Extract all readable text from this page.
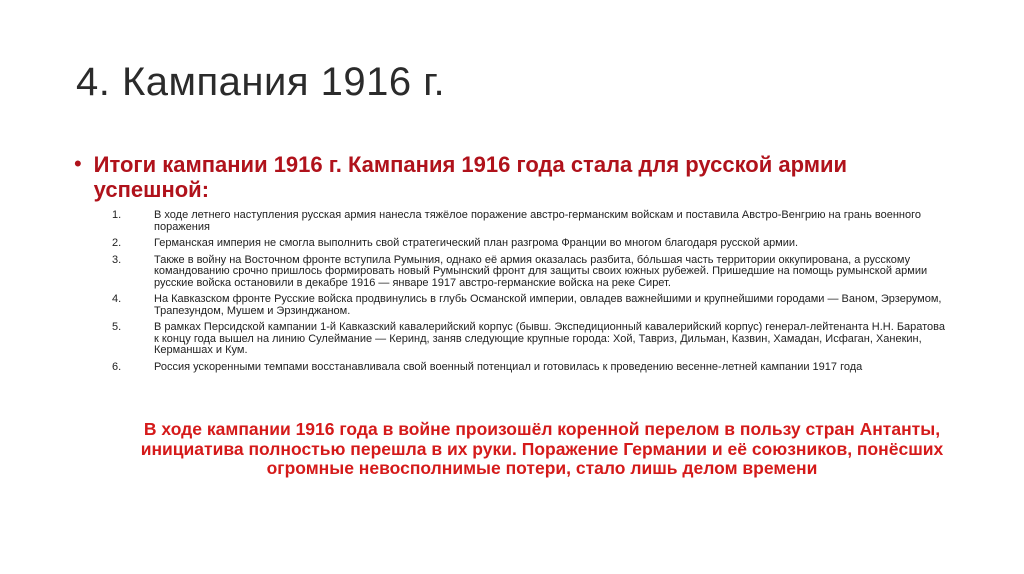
4. Кампания 1916 г.
• Итоги кампании 1916 г. Кампания 1916 года стала для русской армии успешной:
1.	В ходе летнего наступления русская армия нанесла тяжёлое поражение австро-германским войскам и поставила Австро-Венгрию на грань военного поражения
2.	Германская империя не смогла выполнить свой стратегический план разгрома Франции во многом благодаря русской армии.
3.	Также в войну на Восточном фронте вступила Румыния, однако её армия оказалась разбита, бóльшая часть территории оккупирована, а русскому командованию срочно пришлось формировать новый Румынский фронт для защиты своих южных рубежей. Пришедшие на помощь румынской армии русские войска остановили в декабре 1916 — январе 1917 австро-германские войска на реке Сирет.
4.	На Кавказском фронте Русские войска продвинулись в глубь Османской империи, овладев важнейшими и крупнейшими городами — Ваном, Эрзерумом, Трапезундом, Мушем и Эрзинджаном.
5.	В рамках Персидской кампании 1-й Кавказский кавалерийский корпус (бывш. Экспедиционный кавалерийский корпус) генерал-лейтенанта Н.Н. Баратова к концу года вышел на линию Сулеймание — Керинд, заняв следующие крупные города: Хой, Тавриз, Дильман, Казвин, Хамадан, Исфаган, Ханекин, Керманшах и Кум.
6.	Россия ускоренными темпами восстанавливала свой военный потенциал и готовилась к проведению весенне-летней кампании 1917 года
В ходе кампании 1916 года в войне произошёл коренной перелом в пользу стран Антанты, инициатива полностью перешла в их руки. Поражение Германии и её союзников, понёсших огромные невосполнимые потери, стало лишь делом времени
